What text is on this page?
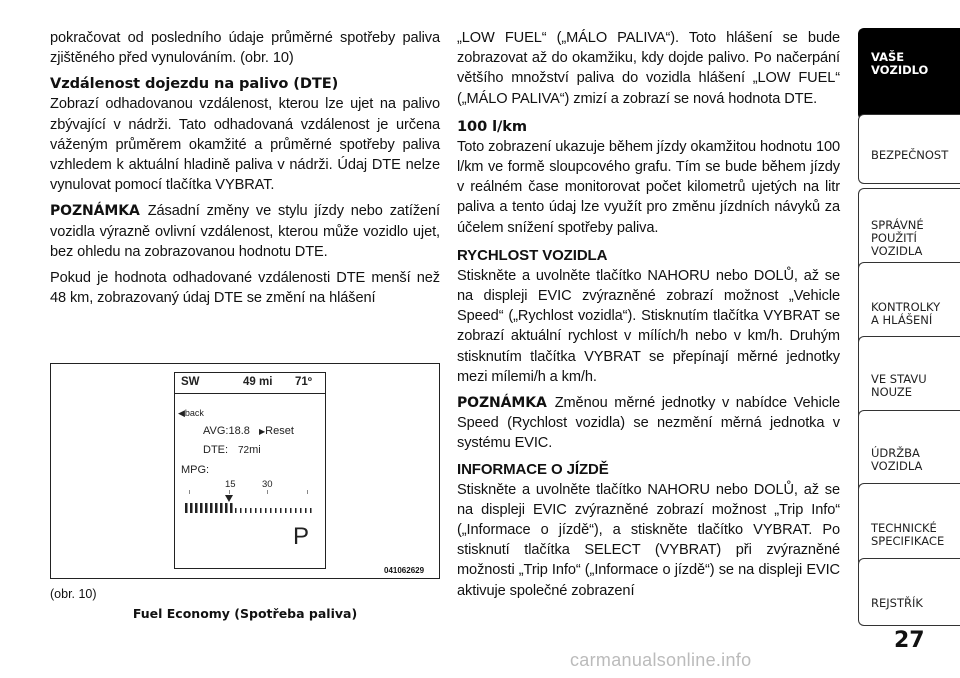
pokračovat od posledního údaje průměrné spotřeby paliva zjištěného před vynulováním. (obr. 10)

Vzdálenost dojezdu na palivo (DTE)

Zobrazí odhadovanou vzdálenost, kterou lze ujet na palivo zbývající v nádrži. Tato odhadovaná vzdálenost je určena váženým průměrem okamžité a průměrné spotřeby paliva vzhledem k aktuální hladině paliva v nádrži. Údaj DTE nelze vynulovat pomocí tlačítka VYBRAT.

POZNÁMKA Zásadní změny ve stylu jízdy nebo zatížení vozidla výrazně ovlivní vzdálenost, kterou může vozidlo ujet, bez ohledu na zobrazovanou hodnotu DTE.

Pokud je hodnota odhadované vzdálenosti DTE menší než 48 km, zobrazovaný údaj DTE se změní na hlášení

SW	49 mi 71º
◀back
AVG:18.8 ▶Reset
DTE: 72mi
MPG:
15	30
P
041062629
(obr. 10)
Fuel Economy (Spotřeba paliva)

„LOW FUEL“ („MÁLO PALIVA“). Toto hlášení se bude zobrazovat až do okamžiku, kdy dojde palivo. Po načerpání většího množství paliva do vozidla hlášení „LOW FUEL“ („MÁLO PALIVA“) zmizí a zobrazí se nová hodnota DTE.

100 l/km

Toto zobrazení ukazuje během jízdy okamžitou hodnotu 100 l/km ve formě sloupcového grafu. Tím se bude během jízdy v reálném čase monitorovat počet kilometrů ujetých na litr paliva a tento údaj lze využít pro změnu jízdních návyků za účelem snížení spotřeby paliva.

RYCHLOST VOZIDLA

Stiskněte a uvolněte tlačítko NAHORU nebo DOLŮ, až se na displeji EVIC zvýrazněné zobrazí možnost „Vehicle Speed“ („Rychlost vozidla“). Stisknutím tlačítka VYBRAT se zobrazí aktuální rychlost v mílích/h nebo v km/h. Druhým stisknutím tlačítka VYBRAT se přepínají měrné jednotky mezi mílemi/h a km/h.

POZNÁMKA Změnou měrné jednotky v nabídce Vehicle Speed (Rychlost vozidla) se nezmění měrná jednotka v systému EVIC.

INFORMACE O JÍZDĚ

Stiskněte a uvolněte tlačítko NAHORU nebo DOLŮ, až se na displeji EVIC zvýrazněné zobrazí možnost „Trip Info“ („Informace o jízdě“), a stiskněte tlačítko VYBRAT. Po stisknutí tlačítka SELECT (VYBRAT) při zvýrazněné možnosti „Trip Info“ („Informace o jízdě“) se na displeji EVIC aktivuje společné zobrazení

VAŠE
VOZIDLO
BEZPEČNOST
SPRÁVNÉ
POUŽITÍ
VOZIDLA
KONTROLKY
A HLÁŠENÍ
VE STAVU
NOUZE
ÚDRŽBA
VOZIDLA
TECHNICKÉ
SPECIFIKACE
REJSTŘÍK
27
carmanualsonline.info
